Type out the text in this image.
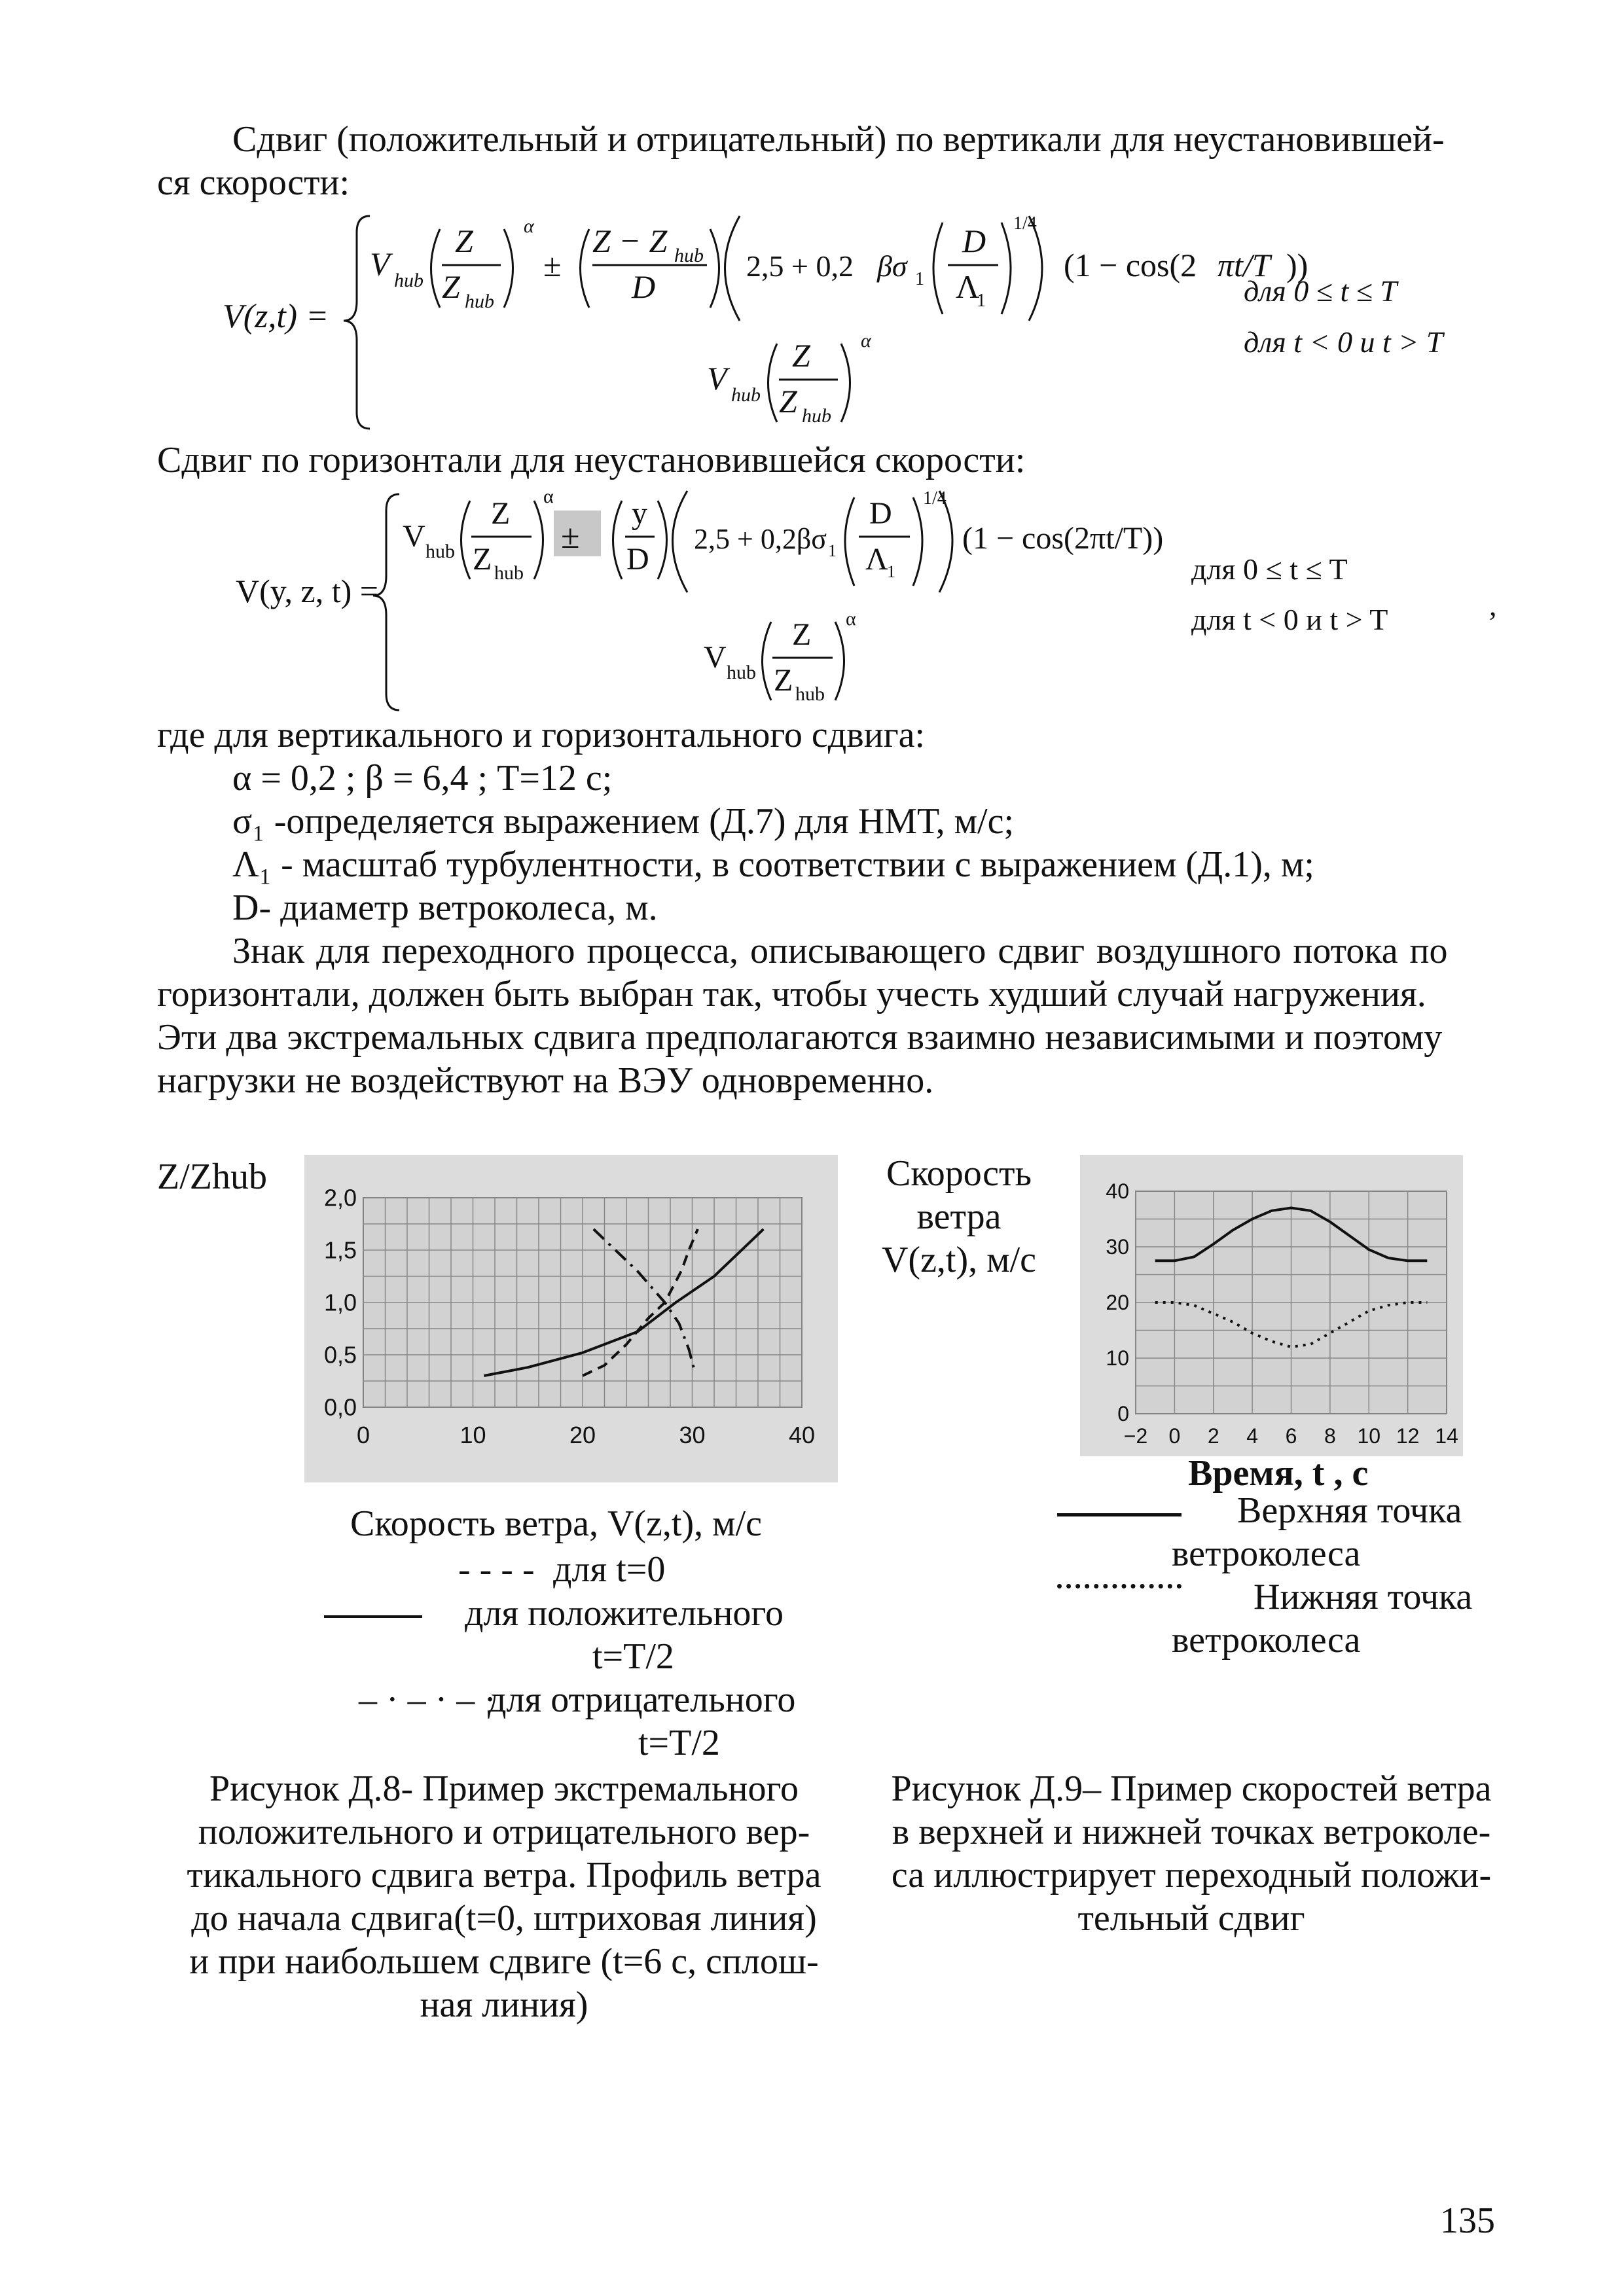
Сдвиг (положительный и отрицательный) по вертикали для неустановившей-
ся скорости:
V(z,t) =
V hub
Z
Z hub
α
±
Z − Z hub
D
2,5 + 0,2 βσ 1
D
Λ
1
1/4
(1 − cos(2 πt/T ))
для 0 ≤ t ≤ T
для t < 0 и t > T
V hub
Z
Z hub
α
Сдвиг по горизонтали для неустановившейся скорости:
V(y, z, t) =
V hub
Z
Z hub
α
±
y
D
2,5 + 0,2βσ 1
D
Λ
1
1/4
(1 − cos(2πt/T))
для 0 ≤ t ≤ T
для t < 0 и t > T	,
V hub
Z
Z hub
α
где для вертикального и горизонтального сдвига:
α = 0,2 ; β = 6,4 ; T=12 с;
σ₁ -определяется выражением (Д.7) для НМТ, м/с;
Λ₁ - масштаб турбулентности, в соответствии с выражением (Д.1), м;
D- диаметр ветроколеса, м.
Знак для переходного процесса, описывающего сдвиг воздушного потока по
горизонтали, должен быть выбран так, чтобы учесть худший случай нагружения.
Эти два экстремальных сдвига предполагаются взаимно независимыми и поэтому
нагрузки не воздействуют на ВЭУ одновременно.
Z/Zhub
0	10	20	30	40
0,0
0,5
1,0
1,5
2,0
Скорость ветра, V(z,t), м/с
- - - - для t=0
для положительного
t=T/2
– · – · – ·
для отрицательного
t=T/2
Рисунок Д.8- Пример экстремального
положительного и отрицательного вер-
тикального сдвига ветра. Профиль ветра
до начала сдвига(t=0, штриховая линия)
и при наибольшем сдвиге (t=6 с, сплош-
ная линия)
Скорость
ветра
V(z,t), м/с
−2 0 2 4 6 8 10 12 14
0
10
20
30
40
Время, t , c
Верхняя точка
ветроколеса
Нижняя точка
ветроколеса
Рисунок Д.9– Пример скоростей ветра
в верхней и нижней точках ветроколе-
са иллюстрирует переходный положи-
тельный сдвиг
135
